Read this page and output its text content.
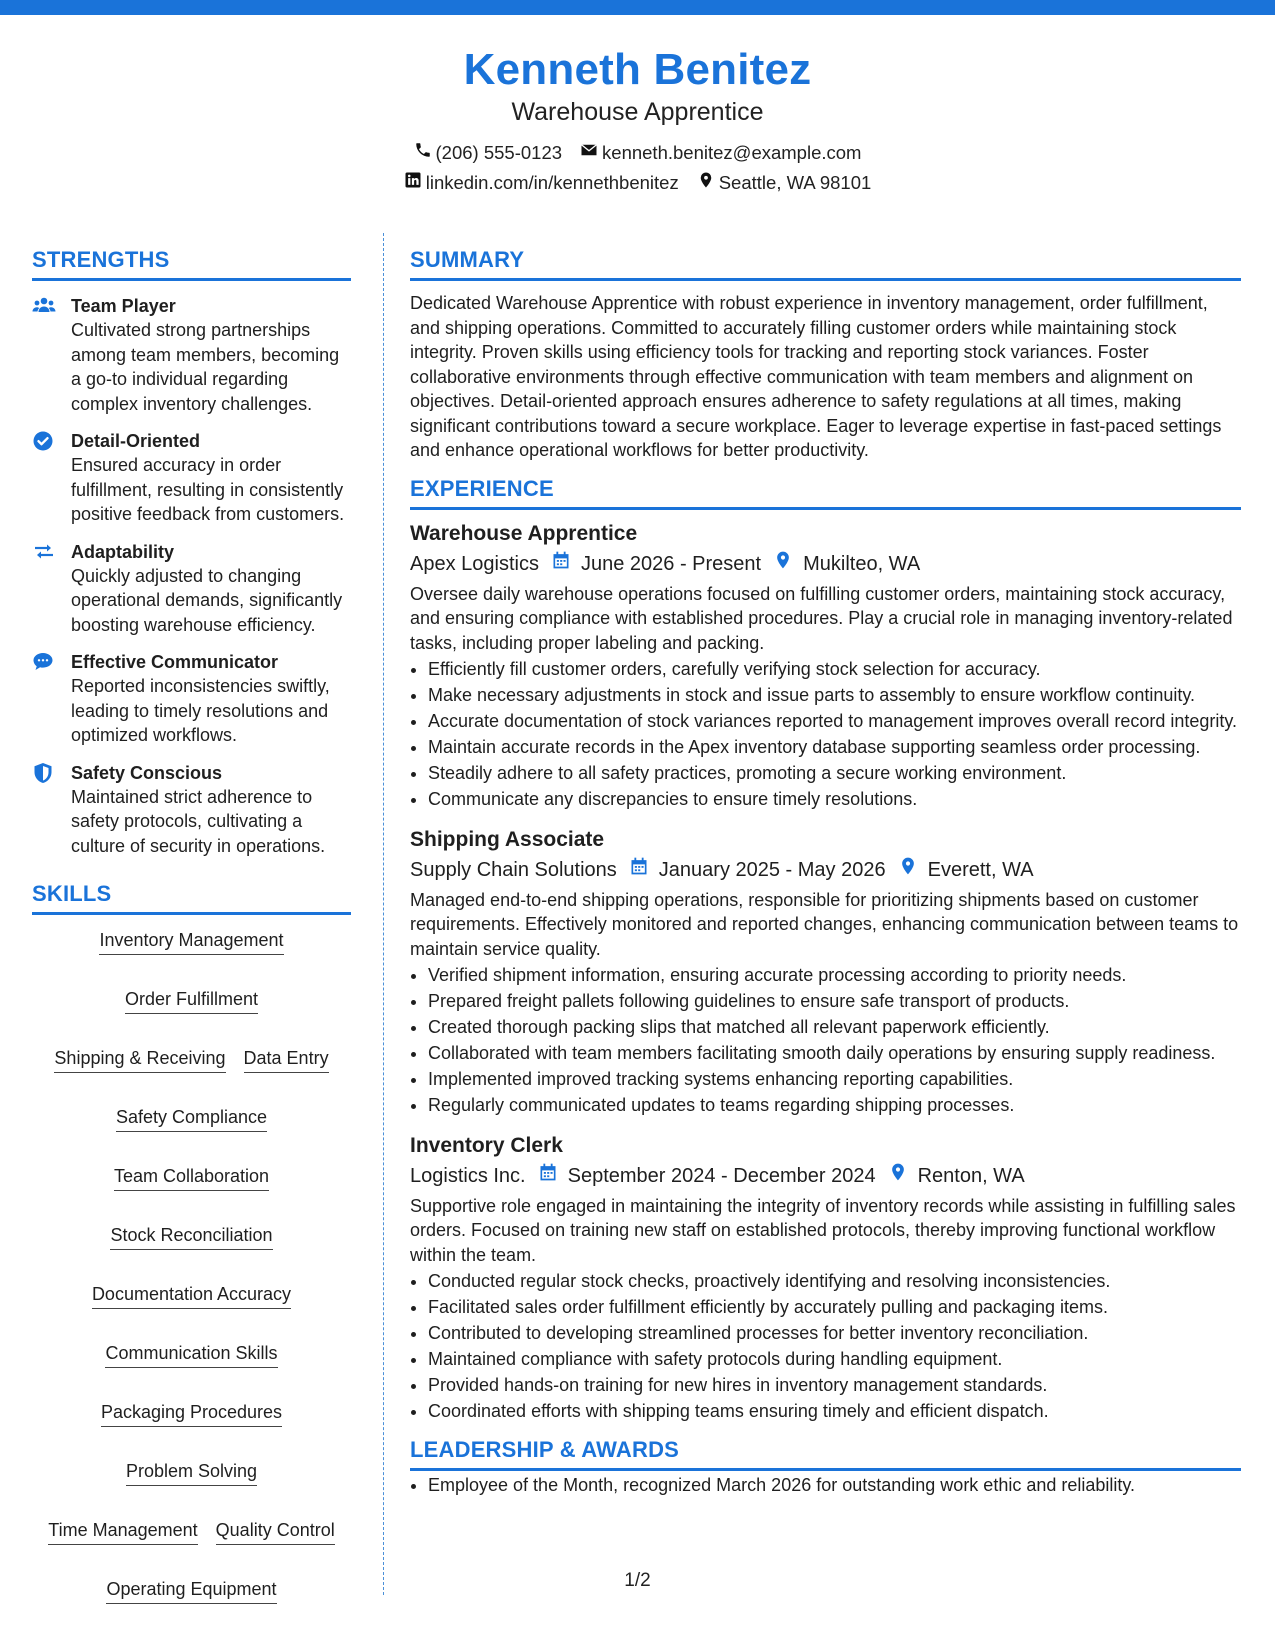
Kenneth Benitez
Warehouse Apprentice
(206) 555-0123 kenneth.benitez@example.com
linkedin.com/in/kennethbenitez Seattle, WA 98101
STRENGTHS
Team Player
Cultivated strong partnerships among team members, becoming a go-to individual regarding complex inventory challenges.
Detail-Oriented
Ensured accuracy in order fulfillment, resulting in consistently positive feedback from customers.
Adaptability
Quickly adjusted to changing operational demands, significantly boosting warehouse efficiency.
Effective Communicator
Reported inconsistencies swiftly, leading to timely resolutions and optimized workflows.
Safety Conscious
Maintained strict adherence to safety protocols, cultivating a culture of security in operations.
SKILLS
Inventory Management
Order Fulfillment
Shipping & Receiving Data Entry
Safety Compliance
Team Collaboration
Stock Reconciliation
Documentation Accuracy
Communication Skills
Packaging Procedures
Problem Solving
Time Management Quality Control
Operating Equipment
SUMMARY
Dedicated Warehouse Apprentice with robust experience in inventory management, order fulfillment, and shipping operations. Committed to accurately filling customer orders while maintaining stock integrity. Proven skills using efficiency tools for tracking and reporting stock variances. Foster collaborative environments through effective communication with team members and alignment on objectives. Detail-oriented approach ensures adherence to safety regulations at all times, making significant contributions toward a secure workplace. Eager to leverage expertise in fast-paced settings and enhance operational workflows for better productivity.
EXPERIENCE
Warehouse Apprentice
Apex Logistics June 2026 - Present Mukilteo, WA
Oversee daily warehouse operations focused on fulfilling customer orders, maintaining stock accuracy, and ensuring compliance with established procedures. Play a crucial role in managing inventory-related tasks, including proper labeling and packing.
• Efficiently fill customer orders, carefully verifying stock selection for accuracy.
• Make necessary adjustments in stock and issue parts to assembly to ensure workflow continuity.
• Accurate documentation of stock variances reported to management improves overall record integrity.
• Maintain accurate records in the Apex inventory database supporting seamless order processing.
• Steadily adhere to all safety practices, promoting a secure working environment.
• Communicate any discrepancies to ensure timely resolutions.
Shipping Associate
Supply Chain Solutions January 2025 - May 2026 Everett, WA
Managed end-to-end shipping operations, responsible for prioritizing shipments based on customer requirements. Effectively monitored and reported changes, enhancing communication between teams to maintain service quality.
• Verified shipment information, ensuring accurate processing according to priority needs.
• Prepared freight pallets following guidelines to ensure safe transport of products.
• Created thorough packing slips that matched all relevant paperwork efficiently.
• Collaborated with team members facilitating smooth daily operations by ensuring supply readiness.
• Implemented improved tracking systems enhancing reporting capabilities.
• Regularly communicated updates to teams regarding shipping processes.
Inventory Clerk
Logistics Inc. September 2024 - December 2024 Renton, WA
Supportive role engaged in maintaining the integrity of inventory records while assisting in fulfilling sales orders. Focused on training new staff on established protocols, thereby improving functional workflow within the team.
• Conducted regular stock checks, proactively identifying and resolving inconsistencies.
• Facilitated sales order fulfillment efficiently by accurately pulling and packaging items.
• Contributed to developing streamlined processes for better inventory reconciliation.
• Maintained compliance with safety protocols during handling equipment.
• Provided hands-on training for new hires in inventory management standards.
• Coordinated efforts with shipping teams ensuring timely and efficient dispatch.
LEADERSHIP & AWARDS
• Employee of the Month, recognized March 2026 for outstanding work ethic and reliability.
1/2
